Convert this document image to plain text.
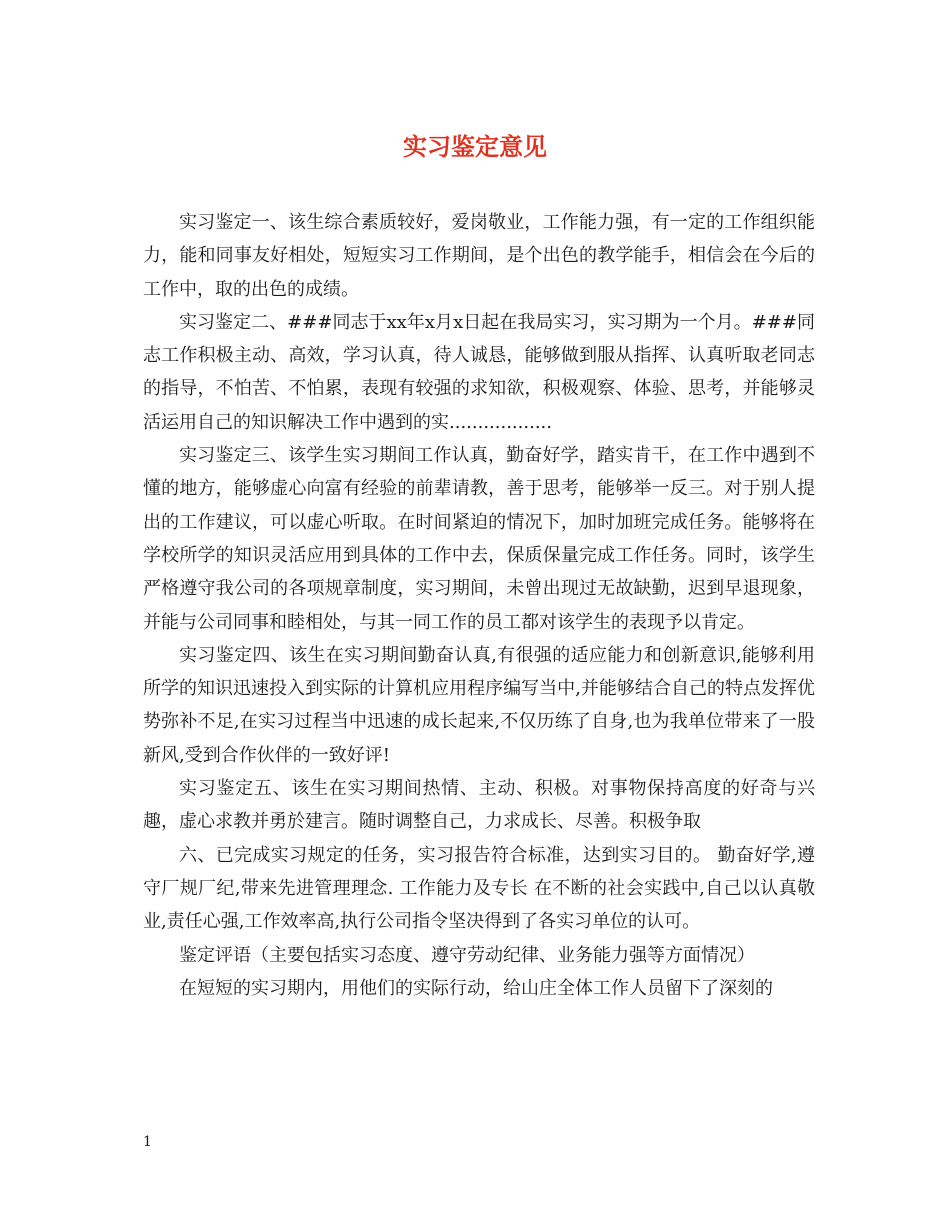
实习鉴定意见

实习鉴定一、该生综合素质较好，爱岗敬业，工作能力强，有一定的工作组织能力，能和同事友好相处，短短实习工作期间，是个出色的教学能手，相信会在今后的工作中，取的出色的成绩。

实习鉴定二、###同志于xx年x月x日起在我局实习，实习期为一个月。###同志工作积极主动、高效，学习认真，待人诚恳，能够做到服从指挥、认真听取老同志的指导，不怕苦、不怕累，表现有较强的求知欲，积极观察、体验、思考，并能够灵活运用自己的知识解决工作中遇到的实..................

实习鉴定三、该学生实习期间工作认真，勤奋好学，踏实肯干，在工作中遇到不懂的地方，能够虚心向富有经验的前辈请教，善于思考，能够举一反三。对于别人提出的工作建议，可以虚心听取。在时间紧迫的情况下，加时加班完成任务。能够将在学校所学的知识灵活应用到具体的工作中去，保质保量完成工作任务。同时，该学生严格遵守我公司的各项规章制度，实习期间，未曾出现过无故缺勤，迟到早退现象，并能与公司同事和睦相处，与其一同工作的员工都对该学生的表现予以肯定。

实习鉴定四、该生在实习期间勤奋认真,有很强的适应能力和创新意识,能够利用所学的知识迅速投入到实际的计算机应用程序编写当中,并能够结合自己的特点发挥优势弥补不足,在实习过程当中迅速的成长起来,不仅历练了自身,也为我单位带来了一股新风,受到合作伙伴的一致好评!

实习鉴定五、该生在实习期间热情、主动、积极。对事物保持高度的好奇与兴趣，虚心求教并勇於建言。随时调整自己，力求成长、尽善。积极争取

六、已完成实习规定的任务，实习报告符合标准，达到实习目的。 勤奋好学,遵守厂规厂纪,带来先进管理理念. 工作能力及专长 在不断的社会实践中,自己以认真敬业,责任心强,工作效率高,执行公司指令坚决得到了各实习单位的认可。

鉴定评语（主要包括实习态度、遵守劳动纪律、业务能力强等方面情况）

在短短的实习期内，用他们的实际行动，给山庄全体工作人员留下了深刻的

1
